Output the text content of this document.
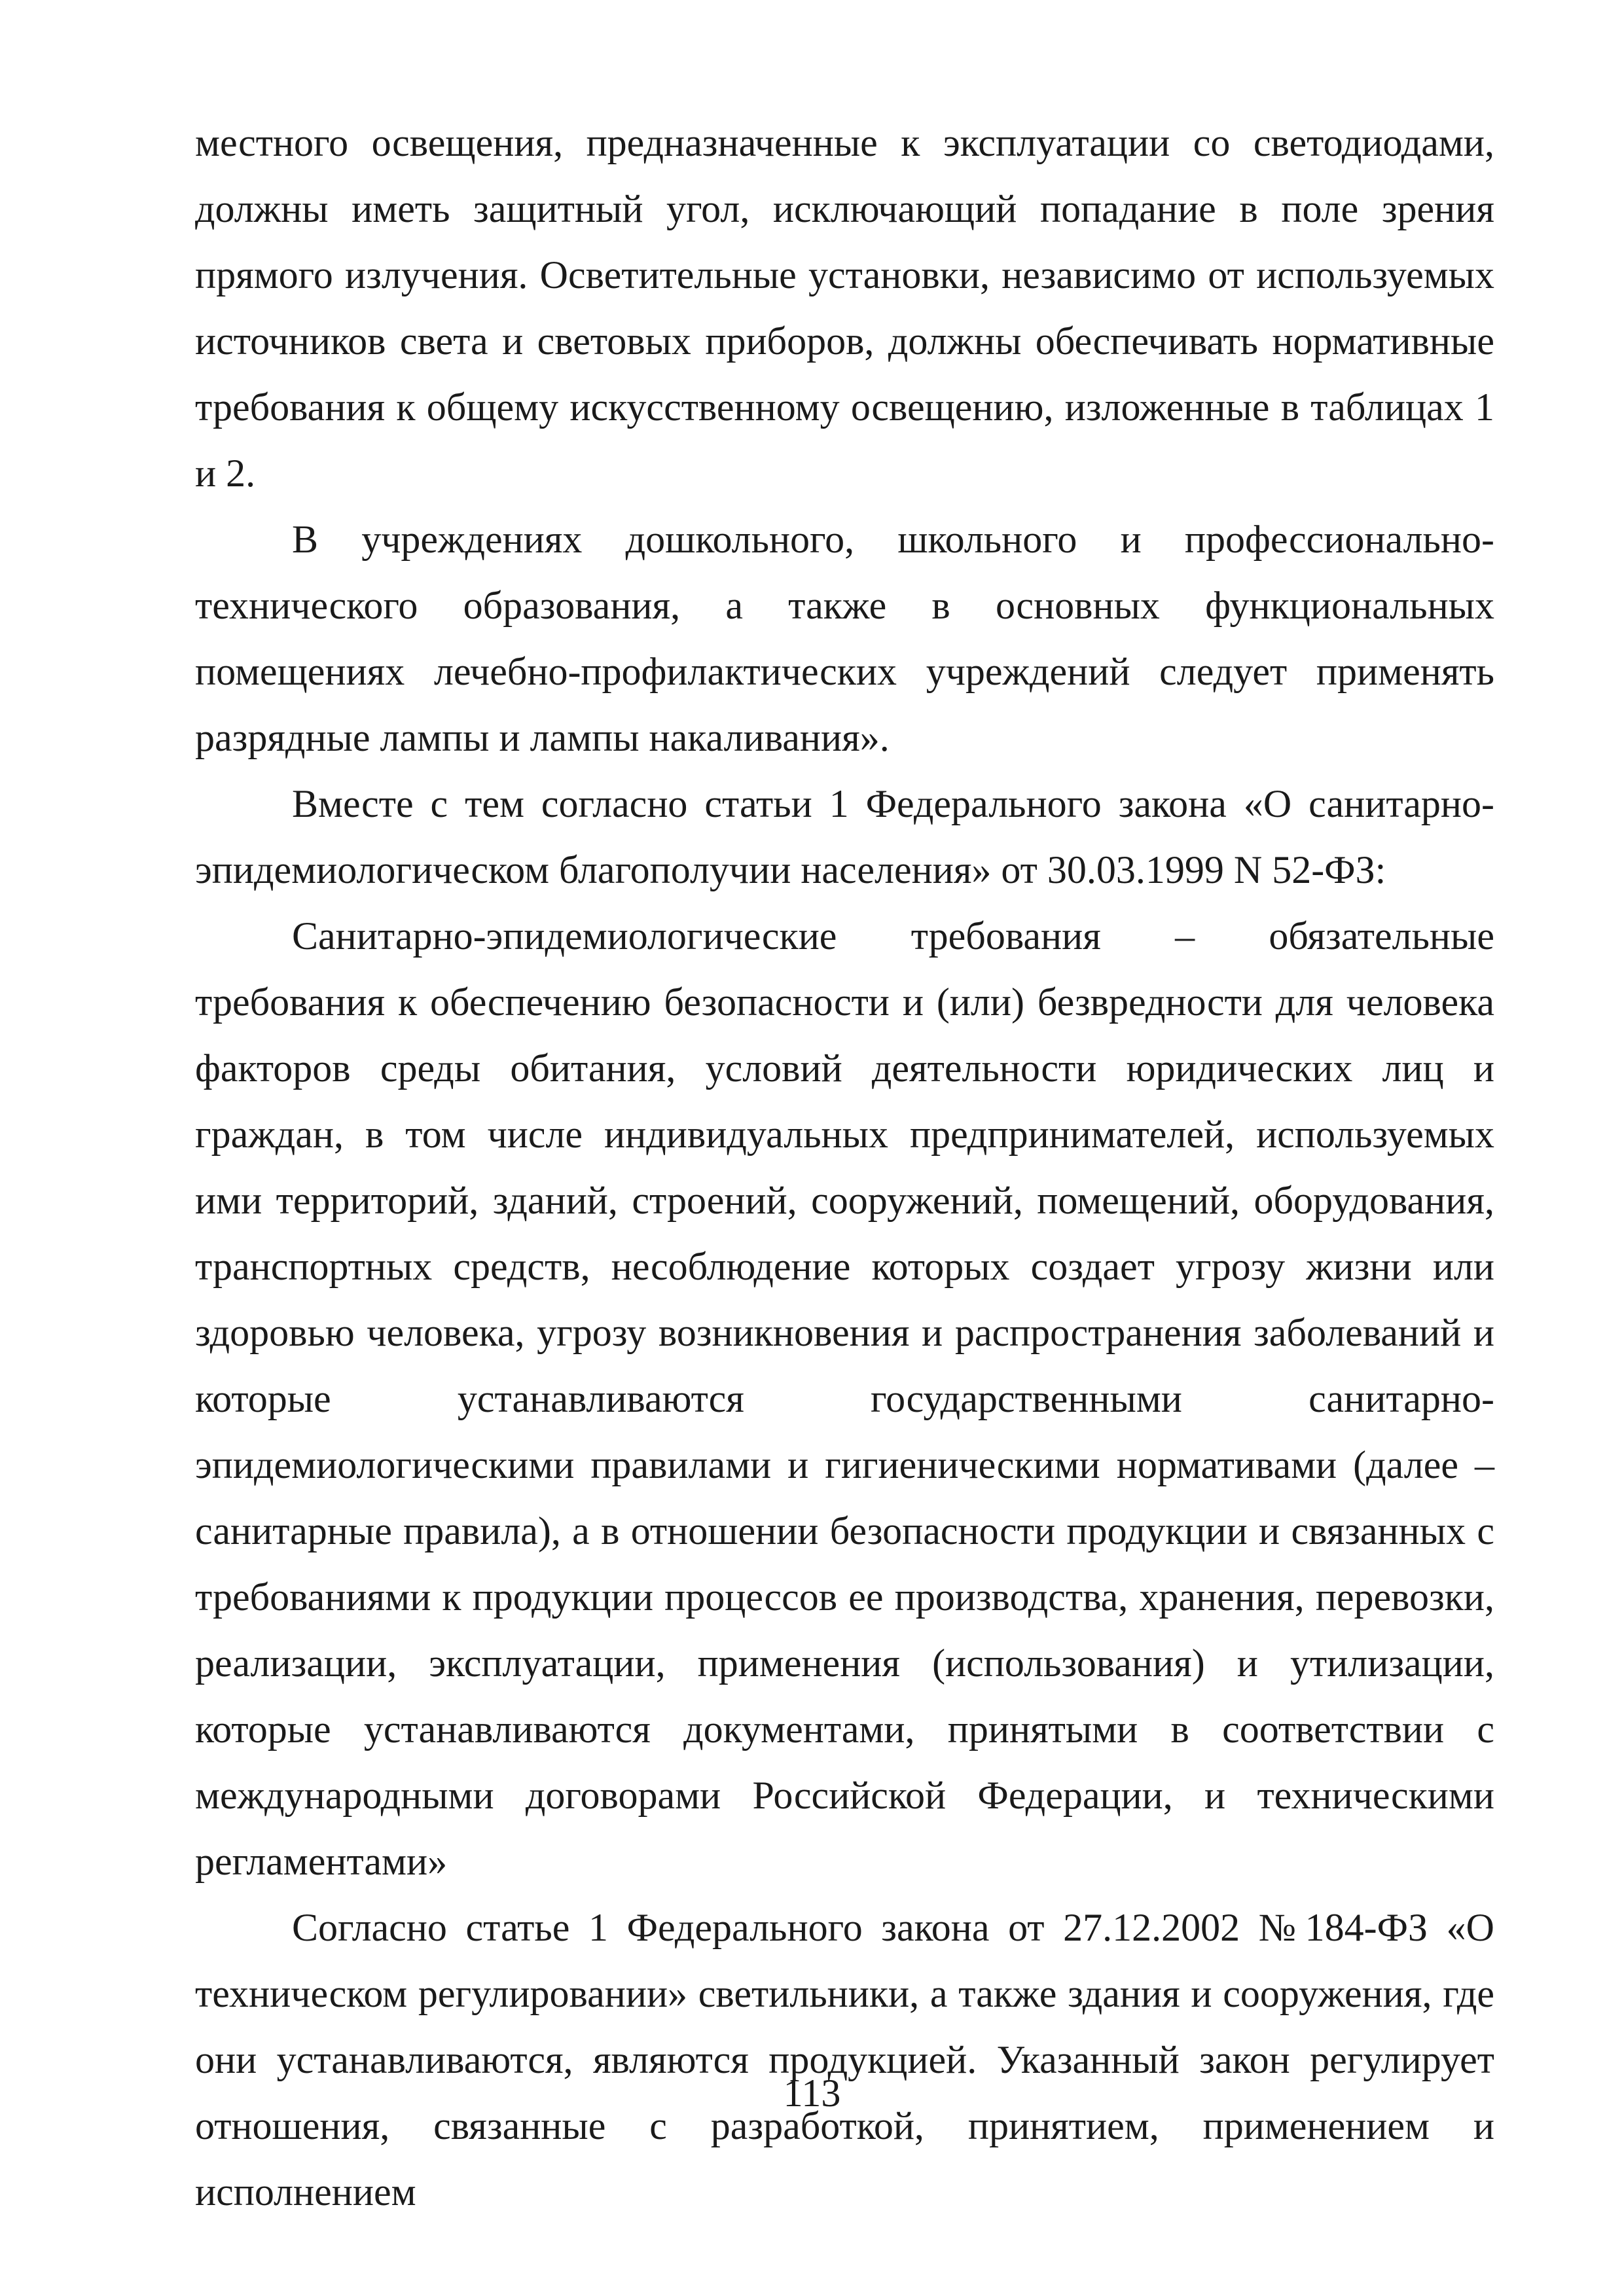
местного освещения, предназначенные к эксплуатации со светодиодами, должны иметь защитный угол, исключающий попадание в поле зрения прямого излучения. Осветительные установки, независимо от используемых источников света и световых приборов, должны обеспечивать нормативные требования к общему искусственному освещению, изложенные в таблицах 1 и 2.

В учреждениях дошкольного, школьного и профессионально-технического образования, а также в основных функциональных помещениях лечебно-профилактических учреждений следует применять разрядные лампы и лампы накаливания».

Вместе с тем согласно статьи 1 Федерального закона «О санитарно-эпидемиологическом благополучии населения» от 30.03.1999 N 52-ФЗ:

Санитарно-эпидемиологические требования – обязательные требования к обеспечению безопасности и (или) безвредности для человека факторов среды обитания, условий деятельности юридических лиц и граждан, в том числе индивидуальных предпринимателей, используемых ими территорий, зданий, строений, сооружений, помещений, оборудования, транспортных средств, несоблюдение которых создает угрозу жизни или здоровью человека, угрозу возникновения и распространения заболеваний и которые устанавливаются государственными санитарно-эпидемиологическими правилами и гигиеническими нормативами (далее – санитарные правила), а в отношении безопасности продукции и связанных с требованиями к продукции процессов ее производства, хранения, перевозки, реализации, эксплуатации, применения (использования) и утилизации, которые устанавливаются документами, принятыми в соответствии с международными договорами Российской Федерации, и техническими регламентами»

Согласно статье 1 Федерального закона от 27.12.2002 №184-ФЗ «О техническом регулировании» светильники, а также здания и сооружения, где они устанавливаются, являются продукцией. Указанный закон регулирует отношения, связанные с разработкой, принятием, применением и исполнением

113
